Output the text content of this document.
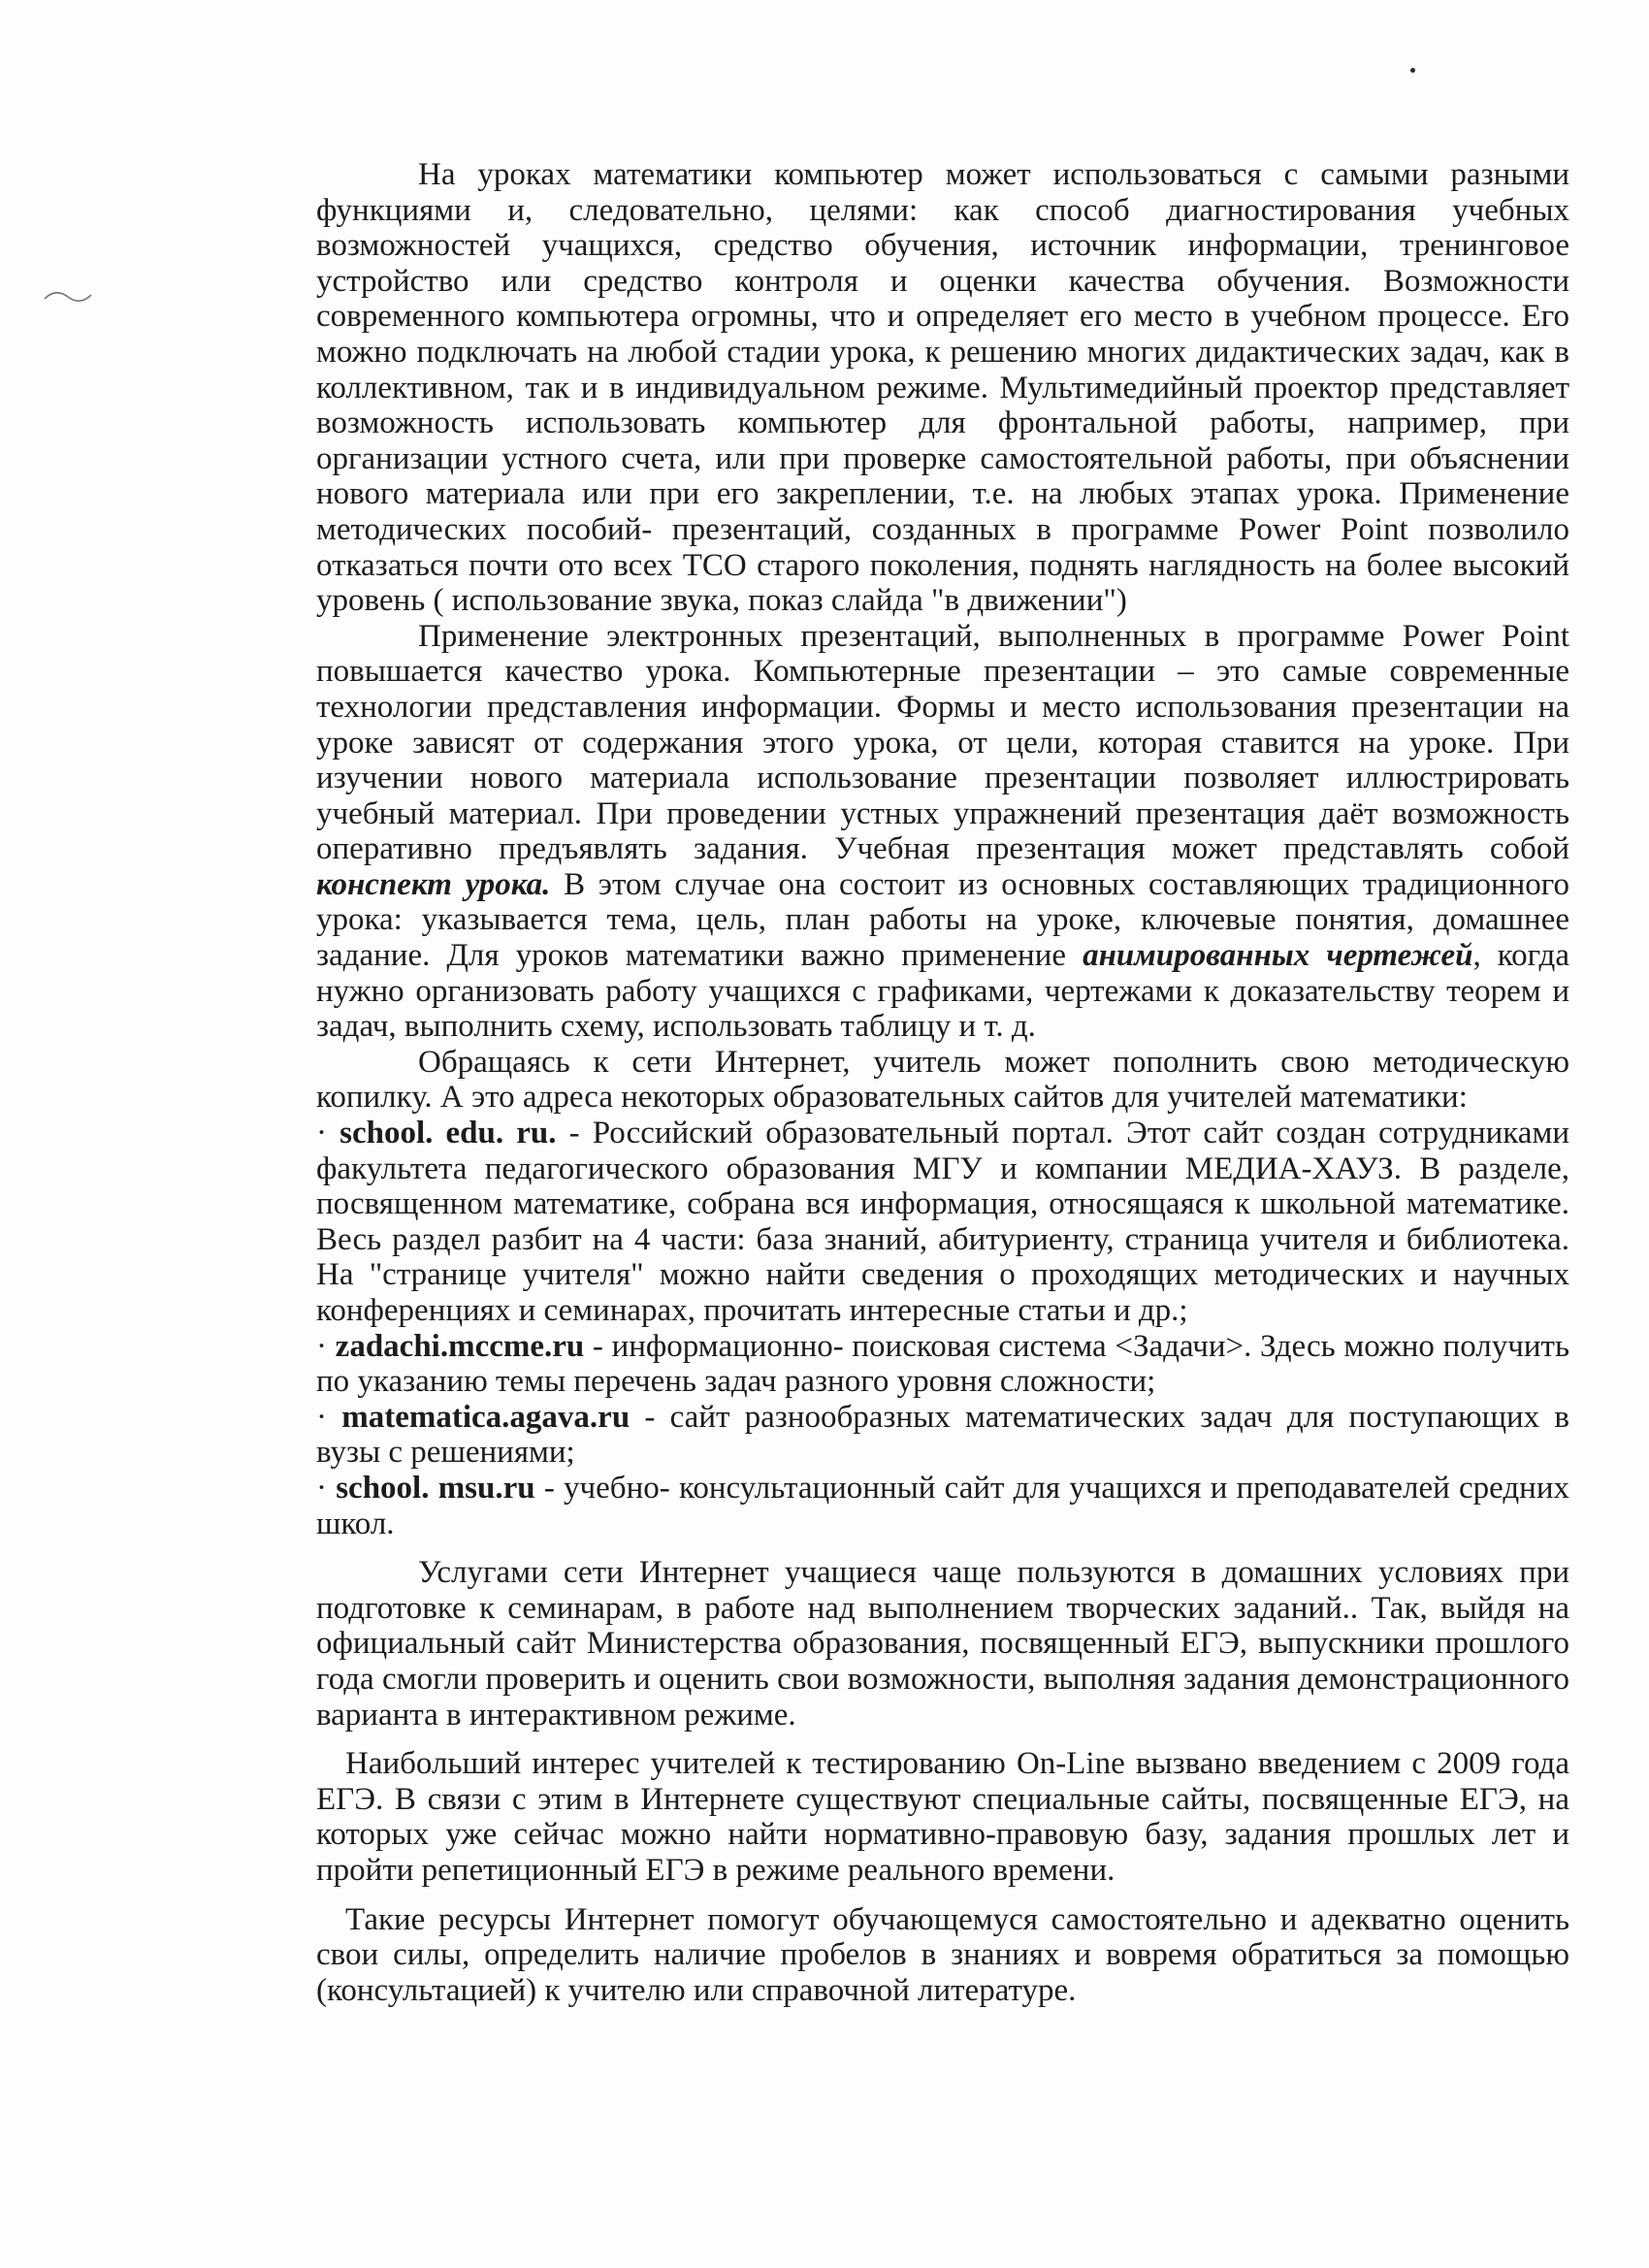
На уроках математики компьютер может использоваться с самыми разными функциями и, следовательно, целями: как способ диагностирования учебных возможностей учащихся, средство обучения, источник информации, тренинговое устройство или средство контроля и оценки качества обучения. Возможности современного компьютера огромны, что и определяет его место в учебном процессе. Его можно подключать на любой стадии урока, к решению многих дидактических задач, как в коллективном, так и в индивидуальном режиме. Мультимедийный проектор представляет возможность использовать компьютер для фронтальной работы, например, при организации устного счета, или при проверке самостоятельной работы, при объяснении нового материала или при его закреплении, т.е. на любых этапах урока. Применение методических пособий- презентаций, созданных в программе Power Point позволило отказаться почти ото всех ТСО старого поколения, поднять наглядность на более высокий уровень ( использование звука, показ слайда "в движении")

Применение электронных презентаций, выполненных в программе Power Point повышается качество урока. Компьютерные презентации – это самые современные технологии представления информации. Формы и место использования презентации на уроке зависят от содержания этого урока, от цели, которая ставится на уроке. При изучении нового материала использование презентации позволяет иллюстрировать учебный материал. При проведении устных упражнений презентация даёт возможность оперативно предъявлять задания. Учебная презентация может представлять собой конспект урока. В этом случае она состоит из основных составляющих традиционного урока: указывается тема, цель, план работы на уроке, ключевые понятия, домашнее задание. Для уроков математики важно применение анимированных чертежей, когда нужно организовать работу учащихся с графиками, чертежами к доказательству теорем и задач, выполнить схему, использовать таблицу и т. д.

Обращаясь к сети Интернет, учитель может пополнить свою методическую копилку. А это адреса некоторых образовательных сайтов для учителей математики:

· school. edu. ru. - Российский образовательный портал. Этот сайт создан сотрудниками факультета педагогического образования МГУ и компании МЕДИА-ХАУЗ. В разделе, посвященном математике, собрана вся информация, относящаяся к школьной математике. Весь раздел разбит на 4 части: база знаний, абитуриенту, страница учителя и библиотека. На "странице учителя" можно найти сведения о проходящих методических и научных конференциях и семинарах, прочитать интересные статьи и др.;

· zadachi.mccme.ru - информационно- поисковая система <Задачи>. Здесь можно получить по указанию темы перечень задач разного уровня сложности;

· matematica.agava.ru - сайт разнообразных математических задач для поступающих в вузы с решениями;

· school. msu.ru - учебно- консультационный сайт для учащихся и преподавателей средних школ.

Услугами сети Интернет учащиеся чаще пользуются в домашних условиях при подготовке к семинарам, в работе над выполнением творческих заданий.. Так, выйдя на официальный сайт Министерства образования, посвященный ЕГЭ, выпускники прошлого года смогли проверить и оценить свои возможности, выполняя задания демонстрационного варианта в интерактивном режиме.

Наибольший интерес учителей к тестированию On-Line вызвано введением с 2009 года ЕГЭ. В связи с этим в Интернете существуют специальные сайты, посвященные ЕГЭ, на которых уже сейчас можно найти нормативно-правовую базу, задания прошлых лет и пройти репетиционный ЕГЭ в режиме реального времени.

Такие ресурсы Интернет помогут обучающемуся самостоятельно и адекватно оценить свои силы, определить наличие пробелов в знаниях и вовремя обратиться за помощью (консультацией) к учителю или справочной литературе.
